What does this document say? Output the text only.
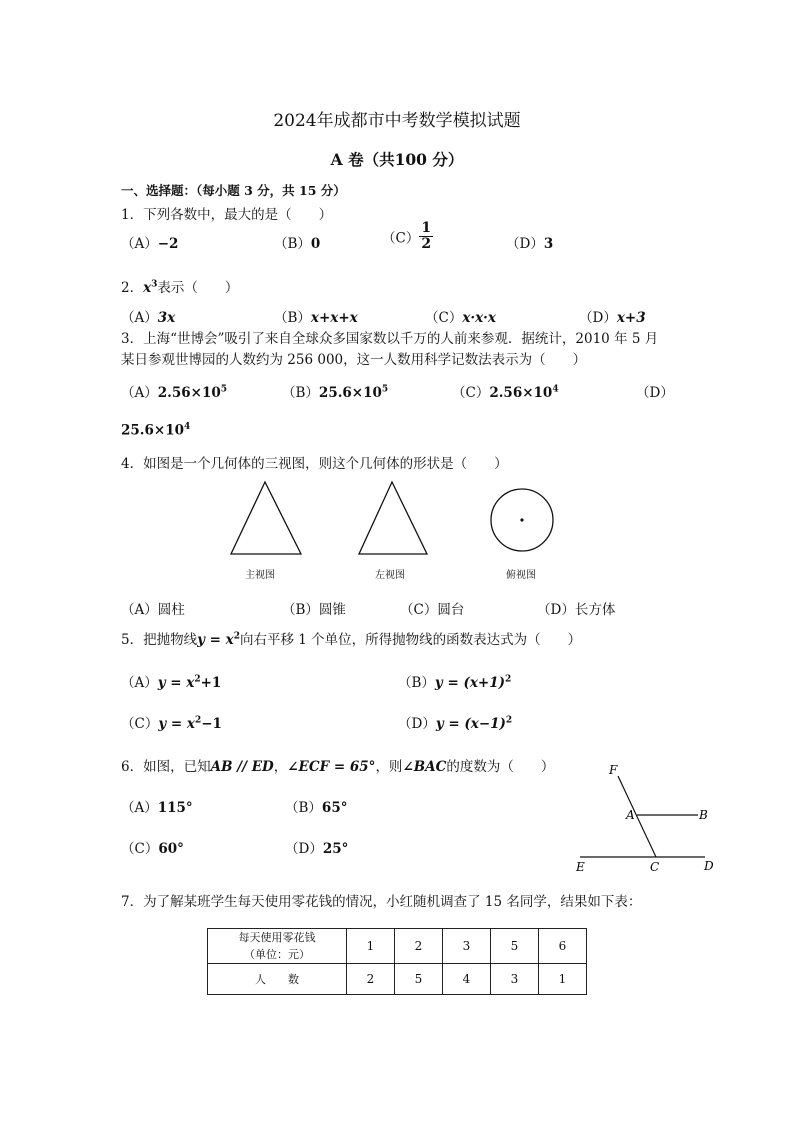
2024年成都市中考数学模拟试题
A 卷（共100 分）
一、选择题：（每小题 3 分，共 15 分）
1．下列各数中，最大的是（　　）
（A）−2	（B）0	$(C) \frac{1}{2}$	（D）3
2．$x^3$表示（　　）
（A）3x	（B）x+x+x	（C）x·x·x	（D）x+3
3．上海“世博会”吸引了来自全球众多国家数以千万的人前来参观．据统计，2010 年 5 月
某日参观世博园的人数约为 256 000，这一人数用科学记数法表示为（　　）
$(A)2.56\times 10^5$	$(B)25.6\times 10^5$	$(C)2.56\times 10^4$	（D）
$25.6\times 10^4$
4．如图是一个几何体的三视图，则这个几何体的形状是（　　）
主视图	左视图	俯视图
（A）圆柱	（B）圆锥	（C）圆台	（D）长方体
5．把抛物线$y = x^2$向右平移 1 个单位，所得抛物线的函数表达式为（　　）
$(A)y = x^2+1$	$(B)y = (x+1)^2$
$(C)y = x^2-1$	$(D)y = (x-1)^2$
6．如图，已知AB // ED，∠ECF = 65°，则∠BAC的度数为（　　）
（A）115°	（B）65°
（C）60°	（D）25°
F
A	B
E	C	D
7．为了解某班学生每天使用零花钱的情况，小红随机调查了 15 名同学，结果如下表：
每天使用零花钱
（单位：元）	1	2	3	5	6
人　　数	2	5	4	3	1
